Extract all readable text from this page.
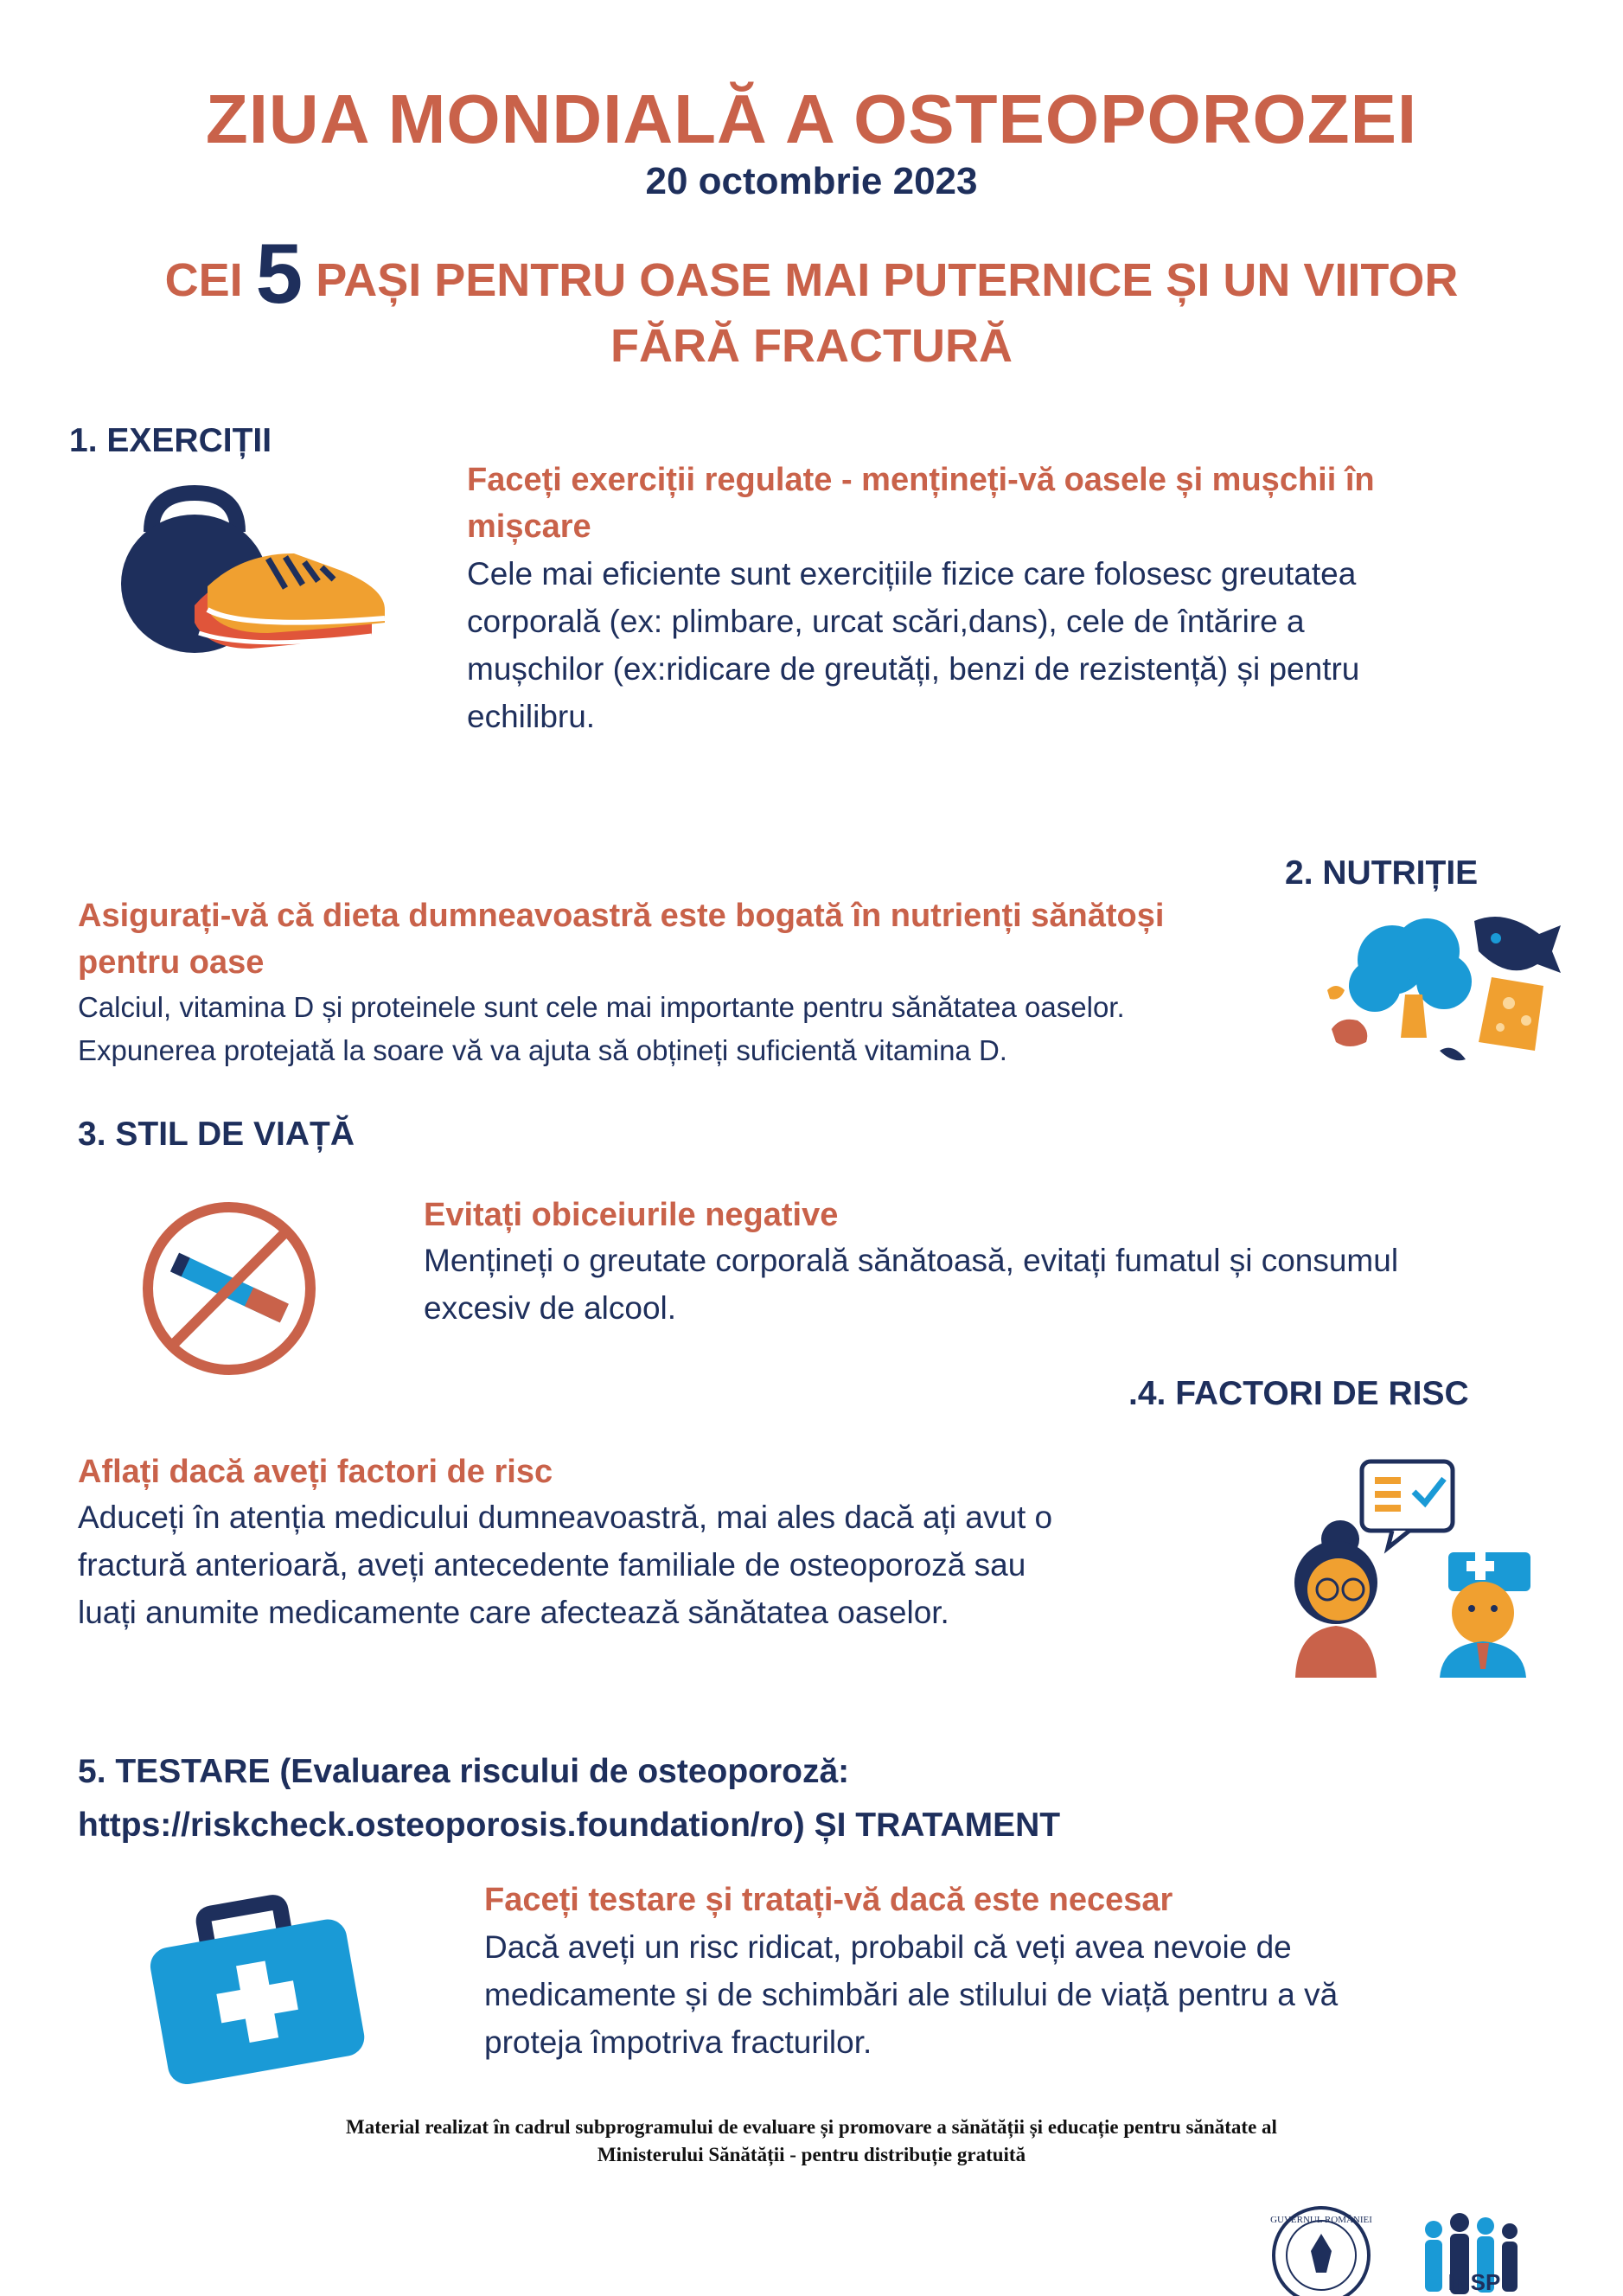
ZIUA MONDIALĂ A OSTEOPOROZEI
20 octombrie 2023
CEI 5 PAȘI PENTRU OASE MAI PUTERNICE ȘI UN VIITOR
FĂRĂ FRACTURĂ
1. EXERCIȚII
Faceți exerciții regulate - mențineți-vă oasele și mușchii în
mișcare
Cele mai eficiente sunt exercițiile fizice care folosesc greutatea
corporală (ex: plimbare, urcat scări,dans), cele de întărire a
mușchilor (ex:ridicare de greutăți, benzi de rezistență) și pentru
echilibru.
2. NUTRIȚIE
Asigurați-vă că dieta dumneavoastră este bogată în nutrienți sănătoși
pentru oase
Calciul, vitamina D și proteinele sunt cele mai importante pentru sănătatea oaselor.
Expunerea protejată la soare vă va ajuta să obțineți suficientă vitamina D.
3. STIL DE VIAȚĂ
Evitați obiceiurile negative
Mențineți o greutate corporală sănătoasă, evitați fumatul și consumul
excesiv de alcool.
.4. FACTORI DE RISC
Aflați dacă aveți factori de risc
Aduceți în atenția medicului dumneavoastră, mai ales dacă ați avut o
fractură anterioară, aveți antecedente familiale de osteoporoză sau
luați anumite medicamente care afectează sănătatea oaselor.
5. TESTARE (Evaluarea riscului de osteoporoză:
https://riskcheck.osteoporosis.foundation/ro) ȘI TRATAMENT
Faceți testare și tratați-vă dacă este necesar
Dacă aveți un risc ridicat, probabil că veți avea nevoie de
medicamente și de schimbări ale stilului de viață pentru a vă
proteja împotriva fracturilor.
Material realizat în cadrul subprogramului de evaluare și promovare a sănătății și educație pentru sănătate al
Ministerului Sănătății - pentru distribuție gratuită
GUVERNUL ROMÂNIEI
INSP
